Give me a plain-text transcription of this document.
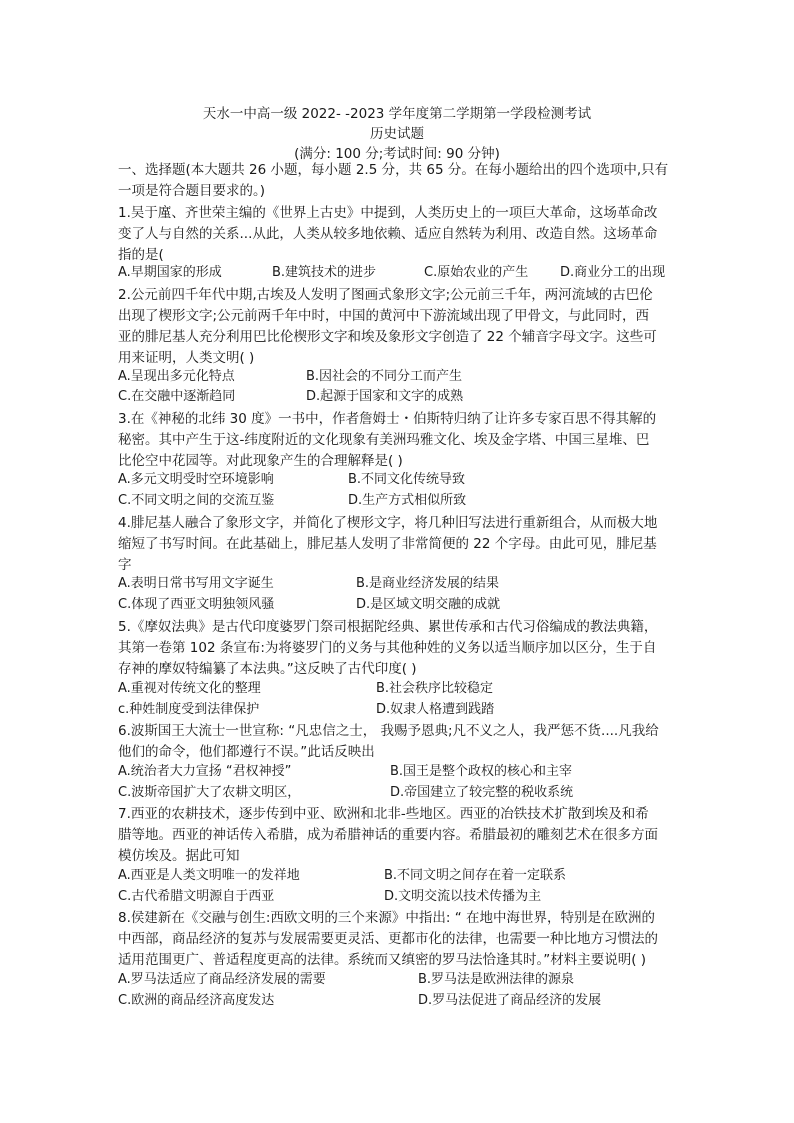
天水一中高一级 2022- -2023 学年度第二学期第一学段检测考试
历史试题
(满分: 100 分;考试时间: 90 分钟)
一、选择题(本大题共 26 小题，每小题 2.5 分，共 65 分。在每小题给出的四个选项中,只有
一项是符合题目要求的。)
1.吴于廑、齐世荣主编的《世界上古史》中提到，人类历史上的一项巨大革命，这场革命改
变了人与自然的关系...从此，人类从较多地依赖、适应自然转为利用、改造自然。这场革命
指的是(
A.早期国家的形成	B.建筑技术的进步	C.原始农业的产生 D.商业分工的出现
2.公元前四千年代中期,古埃及人发明了图画式象形文字;公元前三千年，两河流域的古巴伦
出现了楔形文字;公元前两千年中时，中国的黄河中下游流域出现了甲骨文，与此同时，西
亚的腓尼基人充分利用巴比伦楔形文字和埃及象形文字创造了 22 个辅音字母文字。这些可
用来证明，人类文明( )
A.呈现出多元化特点	B.因社会的不同分工而产生
C.在交融中逐渐趋同	D.起源于国家和文字的成熟
3.在《神秘的北纬 30 度》一书中，作者詹姆士・伯斯特归纳了让许多专家百思不得其解的
秘密。其中产生于这-纬度附近的文化现象有美洲玛雅文化、埃及金字塔、中国三星堆、巴
比伦空中花园等。对此现象产生的合理解释是( )
A.多元文明受时空环境影响	B.不同文化传统导致
C.不同文明之间的交流互鉴	D.生产方式相似所致
4.腓尼基人融合了象形文字，并简化了楔形文字，将几种旧写法进行重新组合，从而极大地
缩短了书写时间。在此基础上，腓尼基人发明了非常简便的 22 个字母。由此可见，腓尼基
字
A.表明日常书写用文字诞生	B.是商业经济发展的结果
C.体现了西亚文明独领风骚	D.是区域文明交融的成就
5.《摩奴法典》是古代印度婆罗门祭司根据陀经典、累世传承和古代习俗编成的教法典籍，
其第一卷第 102 条宣布:为将婆罗门的义务与其他种姓的义务以适当顺序加以区分，生于自
存神的摩奴特编纂了本法典。”这反映了古代印度( )
A.重视对传统文化的整理	B.社会秩序比较稳定
c.种姓制度受到法律保护	D.奴隶人格遭到践踏
6.波斯国王大流士一世宣称: “凡忠信之士， 我赐予恩典;凡不义之人，我严惩不货....凡我给
他们的命令，他们都遵行不误。”此话反映出
A.统治者大力宣扬 “君权神授”	B.国王是整个政权的核心和主宰
C.波斯帝国扩大了农耕文明区，	D.帝国建立了较完整的税收系统
7.西亚的农耕技术，逐步传到中亚、欧洲和北非-些地区。西亚的冶铁技术扩散到埃及和希
腊等地。西亚的神话传入希腊，成为希腊神话的重要内容。希腊最初的雕刻艺术在很多方面
模仿埃及。据此可知
A.西亚是人类文明唯一的发祥地	B.不同文明之间存在着一定联系
C.古代希腊文明源自于西亚	D.文明交流以技术传播为主
8.侯建新在《交融与创生:西欧文明的三个来源》中指出: “ 在地中海世界，特别是在欧洲的
中西部，商品经济的复苏与发展需要更灵活、更都市化的法律，也需要一种比地方习惯法的
适用范围更广、普适程度更高的法律。系统而又缜密的罗马法恰逢其时。”材料主要说明( )
A.罗马法适应了商品经济发展的需要	B.罗马法是欧洲法律的源泉
C.欧洲的商品经济高度发达	D.罗马法促进了商品经济的发展
